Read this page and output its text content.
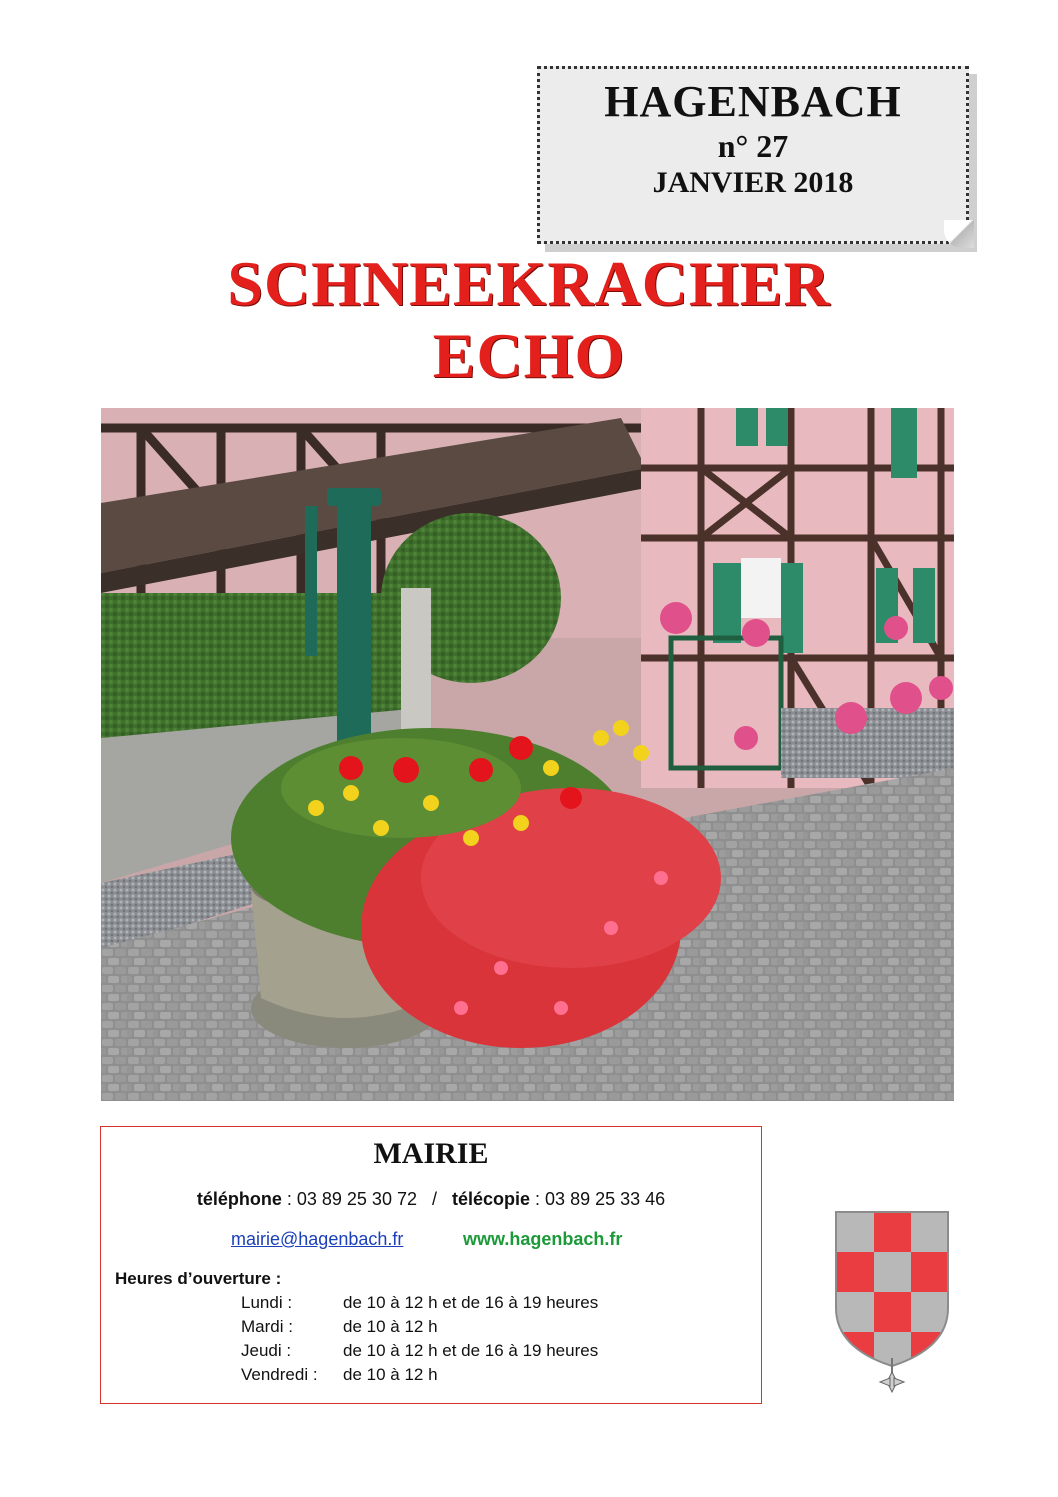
HAGENBACH
n° 27
JANVIER 2018
SCHNEEKRACHER
ECHO
MAIRIE
téléphone : 03 89 25 30 72   /   télécopie : 03 89 25 33 46
mairie@hagenbach.fr	www.hagenbach.fr
Heures d’ouverture :
Lundi :	de 10 à 12 h et de 16 à 19 heures
Mardi :	de 10 à 12 h
Jeudi :	de 10 à 12 h et de 16 à 19 heures
Vendredi : de 10 à 12 h
